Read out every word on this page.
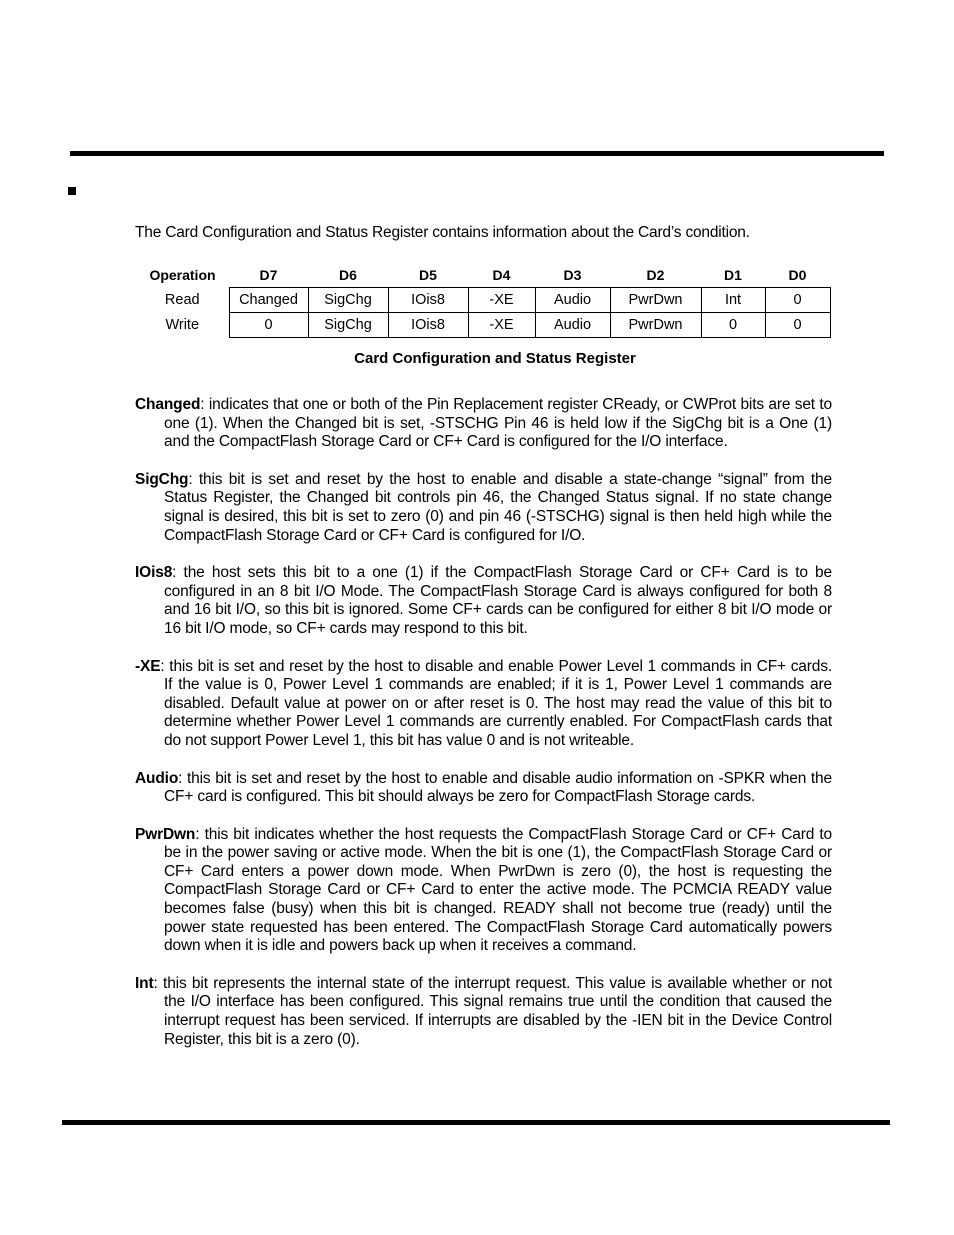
The Card Configuration and Status Register contains information about the Card’s condition.
Operation	D7	D6	D5	D4	D3	D2	D1	D0
Read	Changed	SigChg	IOis8	-XE	Audio	PwrDwn	Int	0
Write	0	SigChg	IOis8	-XE	Audio	PwrDwn	0	0
Card Configuration and Status Register

Changed: indicates that one or both of the Pin Replacement register CReady, or CWProt bits are set to one (1). When the Changed bit is set, -STSCHG Pin 46 is held low if the SigChg bit is a One (1) and the CompactFlash Storage Card or CF+ Card is configured for the I/O interface.

SigChg: this bit is set and reset by the host to enable and disable a state-change “signal” from the Status Register, the Changed bit controls pin 46, the Changed Status signal. If no state change signal is desired, this bit is set to zero (0) and pin 46 (-STSCHG) signal is then held high while the CompactFlash Storage Card or CF+ Card is configured for I/O.

IOis8: the host sets this bit to a one (1) if the CompactFlash Storage Card or CF+ Card is to be configured in an 8 bit I/O Mode. The CompactFlash Storage Card is always configured for both 8 and 16 bit I/O, so this bit is ignored. Some CF+ cards can be configured for either 8 bit I/O mode or 16 bit I/O mode, so CF+ cards may respond to this bit.

-XE: this bit is set and reset by the host to disable and enable Power Level 1 commands in CF+ cards. If the value is 0, Power Level 1 commands are enabled; if it is 1, Power Level 1 commands are disabled. Default value at power on or after reset is 0. The host may read the value of this bit to determine whether Power Level 1 commands are currently enabled. For CompactFlash cards that do not support Power Level 1, this bit has value 0 and is not writeable.

Audio: this bit is set and reset by the host to enable and disable audio information on -SPKR when the CF+ card is configured. This bit should always be zero for CompactFlash Storage cards.

PwrDwn: this bit indicates whether the host requests the CompactFlash Storage Card or CF+ Card to be in the power saving or active mode. When the bit is one (1), the CompactFlash Storage Card or CF+ Card enters a power down mode. When PwrDwn is zero (0), the host is requesting the CompactFlash Storage Card or CF+ Card to enter the active mode. The PCMCIA READY value becomes false (busy) when this bit is changed. READY shall not become true (ready) until the power state requested has been entered. The CompactFlash Storage Card automatically powers down when it is idle and powers back up when it receives a command.

Int: this bit represents the internal state of the interrupt request. This value is available whether or not the I/O interface has been configured. This signal remains true until the condition that caused the interrupt request has been serviced. If interrupts are disabled by the -IEN bit in the Device Control Register, this bit is a zero (0).
